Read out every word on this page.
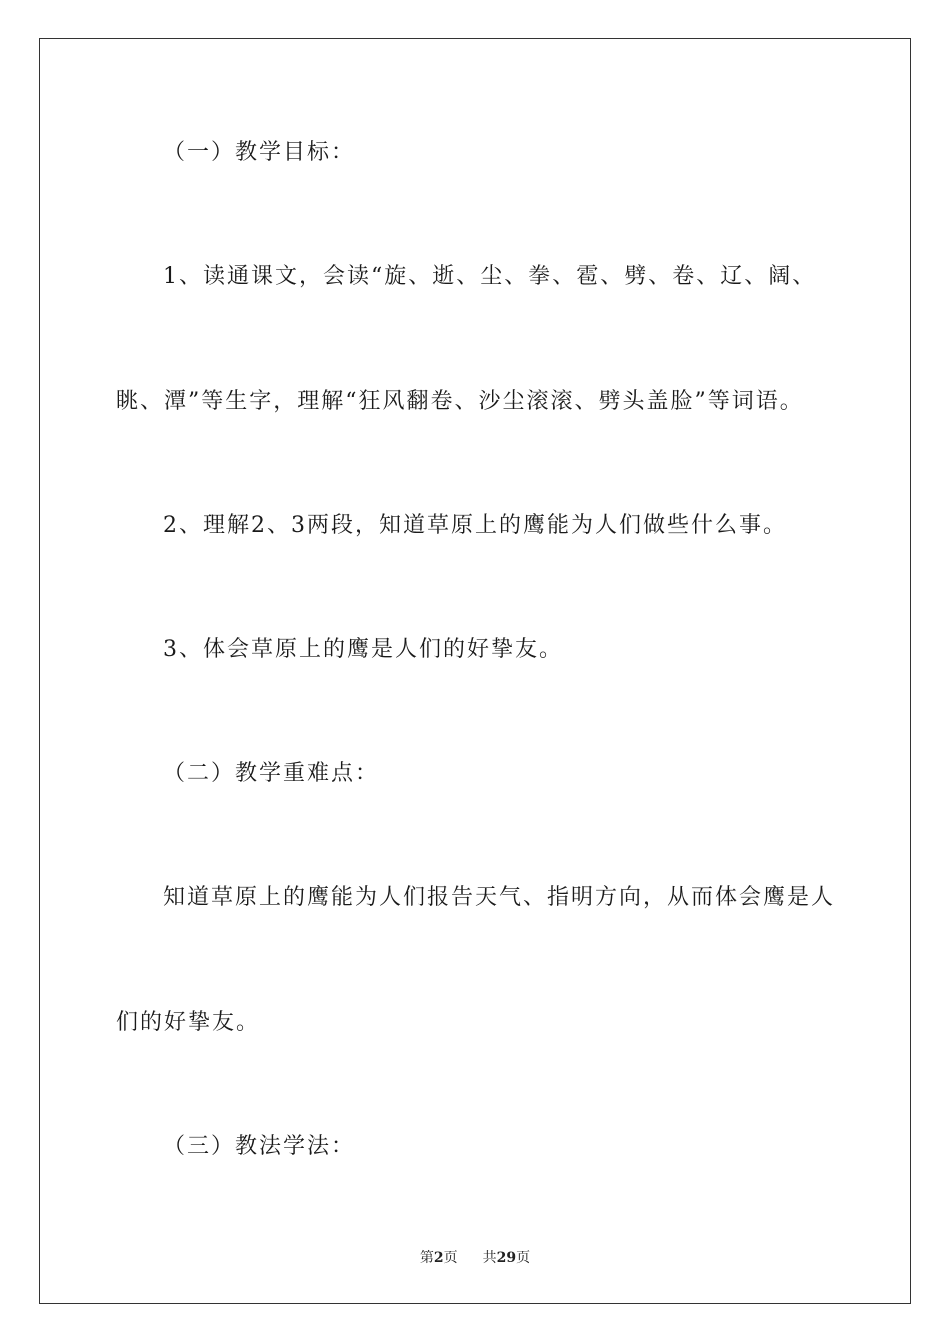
（一）教学目标：
1、读通课文，会读“旋、逝、尘、拳、雹、劈、卷、辽、阔、
眺、潭”等生字，理解“狂风翻卷、沙尘滚滚、劈头盖脸”等词语。
2、理解2、3两段，知道草原上的鹰能为人们做些什么事。
3、体会草原上的鹰是人们的好挚友。
（二）教学重难点：
知道草原上的鹰能为人们报告天气、指明方向，从而体会鹰是人
们的好挚友。
（三）教法学法：
第2页 共29页
